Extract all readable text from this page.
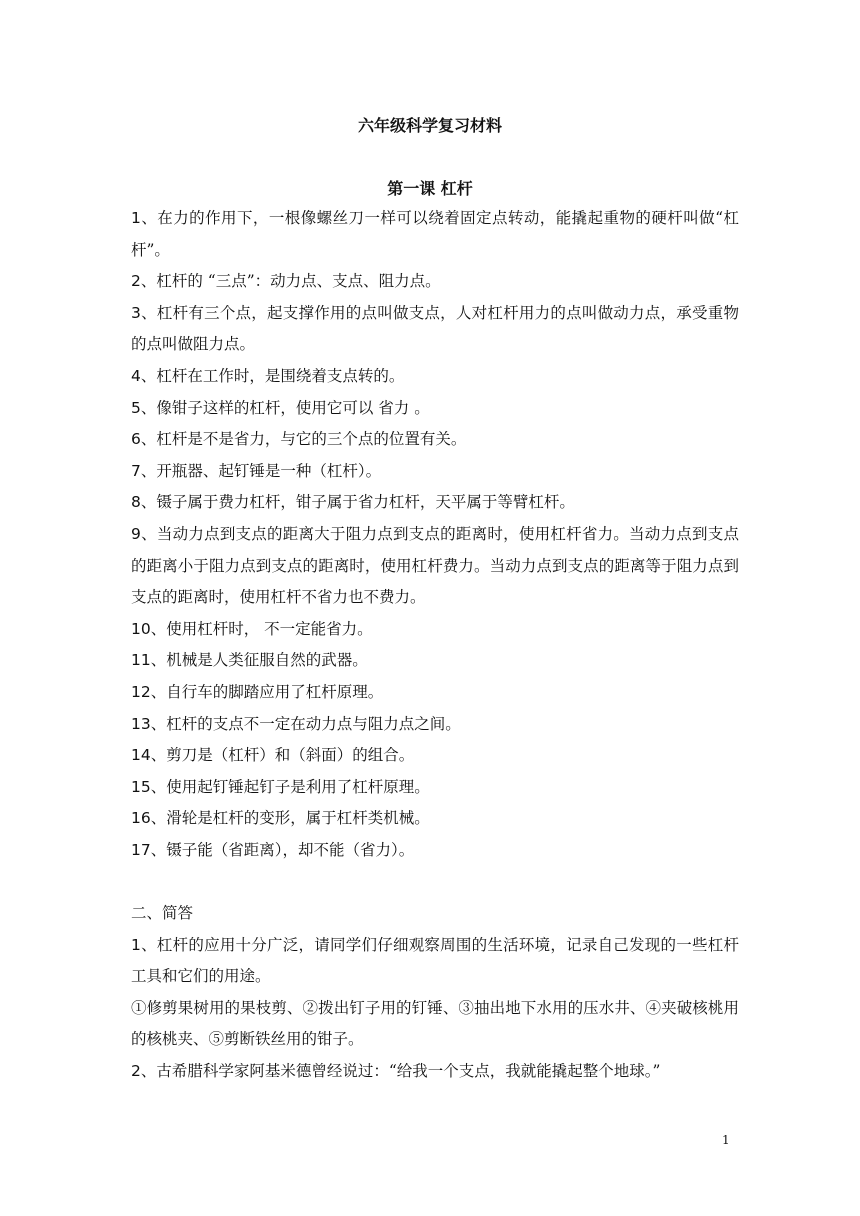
六年级科学复习材料
第一课 杠杆
1、在力的作用下，一根像螺丝刀一样可以绕着固定点转动，能撬起重物的硬杆叫做“杠杆”。
2、杠杆的 “三点”：动力点、支点、阻力点。
3、杠杆有三个点，起支撑作用的点叫做支点，人对杠杆用力的点叫做动力点，承受重物的点叫做阻力点。
4、杠杆在工作时，是围绕着支点转的。
5、像钳子这样的杠杆，使用它可以 省力 。
6、杠杆是不是省力，与它的三个点的位置有关。
7、开瓶器、起钉锤是一种（杠杆）。
8、镊子属于费力杠杆，钳子属于省力杠杆，天平属于等臂杠杆。
9、当动力点到支点的距离大于阻力点到支点的距离时，使用杠杆省力。当动力点到支点的距离小于阻力点到支点的距离时，使用杠杆费力。当动力点到支点的距离等于阻力点到支点的距离时，使用杠杆不省力也不费力。
10、使用杠杆时， 不一定能省力。
11、机械是人类征服自然的武器。
12、自行车的脚踏应用了杠杆原理。
13、杠杆的支点不一定在动力点与阻力点之间。
14、剪刀是（杠杆）和（斜面）的组合。
15、使用起钉锤起钉子是利用了杠杆原理。
16、滑轮是杠杆的变形，属于杠杆类机械。
17、镊子能（省距离），却不能（省力）。
二、简答
1、杠杆的应用十分广泛，请同学们仔细观察周围的生活环境，记录自己发现的一些杠杆工具和它们的用途。
①修剪果树用的果枝剪、②拨出钉子用的钉锤、③抽出地下水用的压水井、④夹破核桃用的核桃夹、⑤剪断铁丝用的钳子。
2、古希腊科学家阿基米德曾经说过：“给我一个支点，我就能撬起整个地球。”
1
